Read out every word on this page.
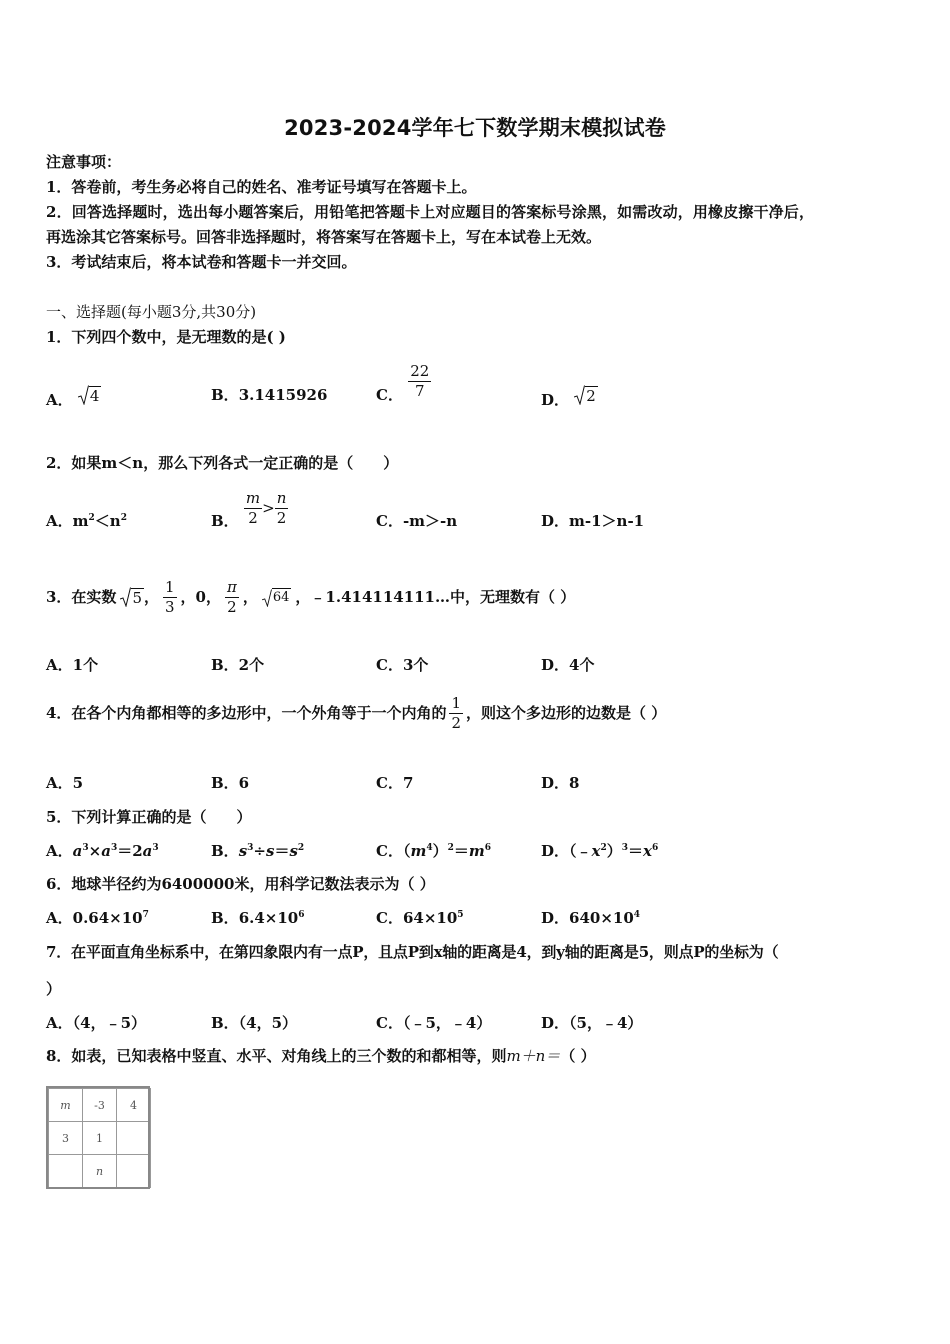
2023-2024学年七下数学期末模拟试卷
注意事项：
1．答卷前，考生务必将自己的姓名、准考证号填写在答题卡上。
2．回答选择题时，选出每小题答案后，用铅笔把答题卡上对应题目的答案标号涂黑，如需改动，用橡皮擦干净后，
再选涂其它答案标号。回答非选择题时，将答案写在答题卡上，写在本试卷上无效。
3．考试结束后，将本试卷和答题卡一并交回。
一、选择题(每小题3分,共30分)
1．下列四个数中，是无理数的是( )
A． 4	B．3.1415926	C． $\frac{22}{7}$	D． 2
2．如果m＜n，那么下列各式一定正确的是（　　）
A．$m^2<n^2$	B． $\frac{m}{2} > \frac{n}{2}$	C．-m＞-n	D．m-1＞n-1
3．在实数 5 ， $\frac{1}{3}$ ，0， $\frac{\pi}{2}$ ， 64 ，﹣1.414114111…中，无理数有（ ）
A．1个	B．2个	C．3个	D．4个
4．在各个内角都相等的多边形中，一个外角等于一个内角的 $\frac{1}{2}$ ，则这个多边形的边数是（ ）
A．5	B．6	C．7	D．8
5．下列计算正确的是（　　）
A．$a^3\times a^3=2a^3$	B．$s^3\div s=s^2$	C．$(m^4)^2=m^6$	D．$(﹣x^2)^3=x^6$
6．地球半径约为6400000米，用科学记数法表示为（ ）
A．$0.64\times 10^7$	B．$6.4\times 10^6$	C．$64\times 10^5$	D．$640\times 10^4$
7．在平面直角坐标系中，在第四象限内有一点P，且点P到x轴的距离是4，到y轴的距离是5，则点P的坐标为（
）
A．（4，﹣5）	B．（4，5）	C．（﹣5，﹣4）	D．（5，﹣4）
8．如表，已知表格中竖直、水平、对角线上的三个数的和都相等，则m＋n＝（ ）
m	-3	4
3	1	
	n	
